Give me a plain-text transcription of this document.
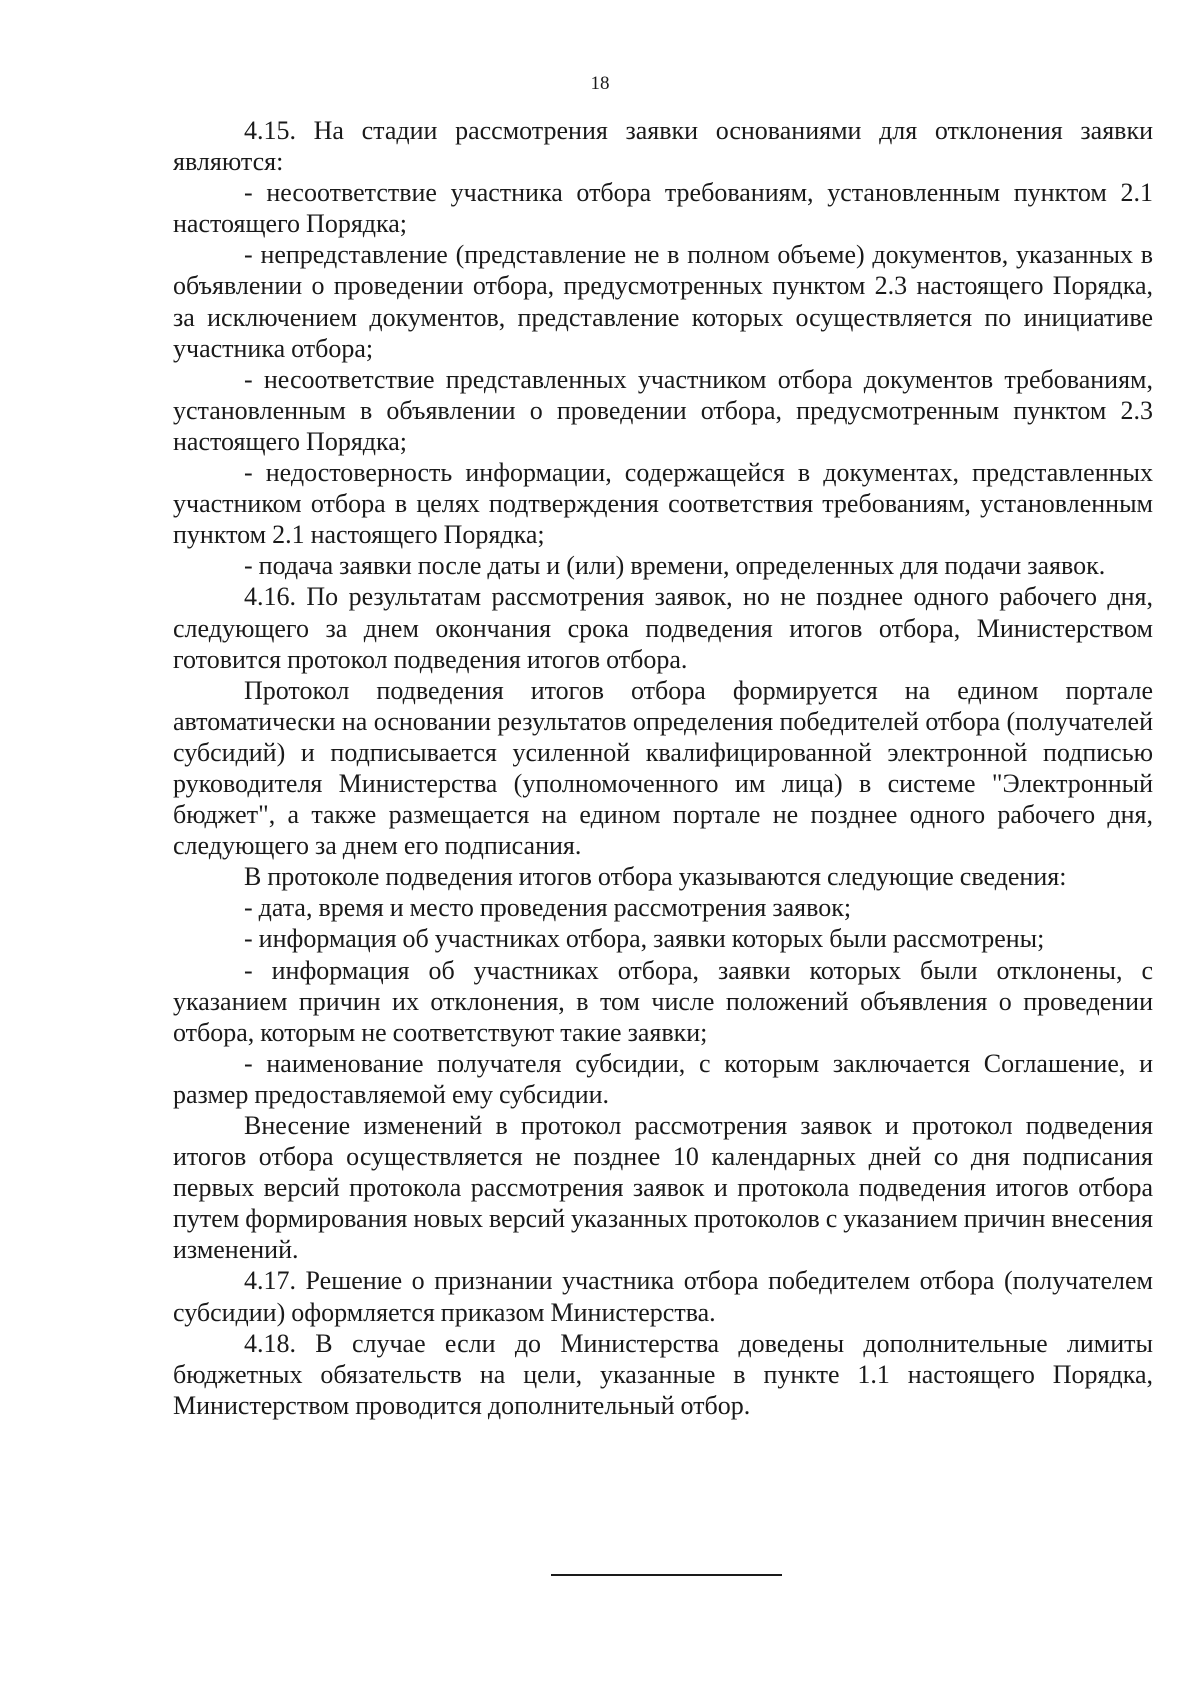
18

4.15. На стадии рассмотрения заявки основаниями для отклонения заявки являются:

- несоответствие участника отбора требованиям, установленным пунктом 2.1 настоящего Порядка;

- непредставление (представление не в полном объеме) документов, указанных в объявлении о проведении отбора, предусмотренных пунктом 2.3 настоящего Порядка, за исключением документов, представление которых осуществляется по инициативе участника отбора;

- несоответствие представленных участником отбора документов требованиям, установленным в объявлении о проведении отбора, предусмотренным пунктом 2.3 настоящего Порядка;

- недостоверность информации, содержащейся в документах, представленных участником отбора в целях подтверждения соответствия требованиям, установленным пунктом 2.1 настоящего Порядка;

- подача заявки после даты и (или) времени, определенных для подачи заявок.

4.16. По результатам рассмотрения заявок, но не позднее одного рабочего дня, следующего за днем окончания срока подведения итогов отбора, Министерством готовится протокол подведения итогов отбора.

Протокол подведения итогов отбора формируется на едином портале автоматически на основании результатов определения победителей отбора (получателей субсидий) и подписывается усиленной квалифицированной электронной подписью руководителя Министерства (уполномоченного им лица) в системе "Электронный бюджет", а также размещается на едином портале не позднее одного рабочего дня, следующего за днем его подписания.

В протоколе подведения итогов отбора указываются следующие сведения:

- дата, время и место проведения рассмотрения заявок;

- информация об участниках отбора, заявки которых были рассмотрены;

- информация об участниках отбора, заявки которых были отклонены, с указанием причин их отклонения, в том числе положений объявления о проведении отбора, которым не соответствуют такие заявки;

- наименование получателя субсидии, с которым заключается Соглашение, и размер предоставляемой ему субсидии.

Внесение изменений в протокол рассмотрения заявок и протокол подведения итогов отбора осуществляется не позднее 10 календарных дней со дня подписания первых версий протокола рассмотрения заявок и протокола подведения итогов отбора путем формирования новых версий указанных протоколов с указанием причин внесения изменений.

4.17. Решение о признании участника отбора победителем отбора (получателем субсидии) оформляется приказом Министерства.

4.18. В случае если до Министерства доведены дополнительные лимиты бюджетных обязательств на цели, указанные в пункте 1.1 настоящего Порядка, Министерством проводится дополнительный отбор.
